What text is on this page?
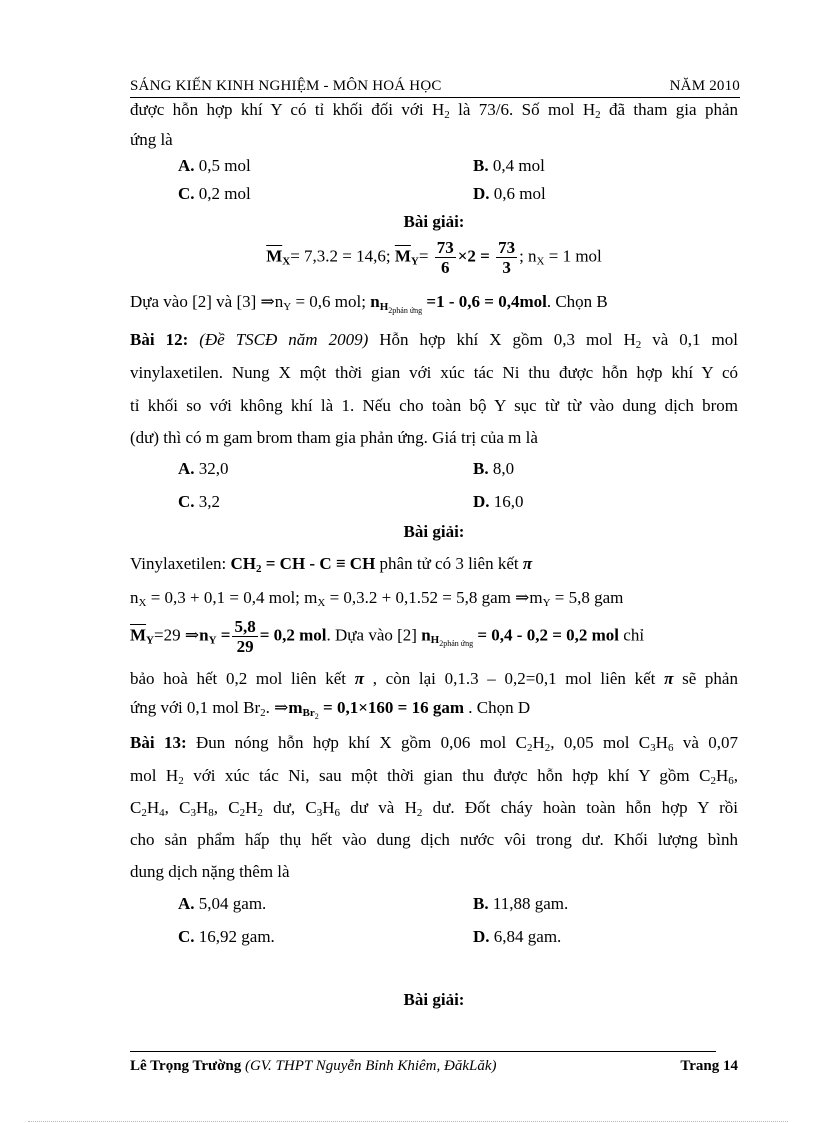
SÁNG KIẾN KINH NGHIỆM - MÔN HOÁ HỌC	NĂM 2010
được hỗn hợp khí Y có tỉ khối đối với $H_2$ là 73/6. Số mol $H_2$ đã tham gia phản
ứng là
A. 0,5 mol	B. 0,4 mol
C. 0,2 mol	D. 0,6 mol
Bài giải:
$\overline{M}_X= 7,3.2 = 14,6$; $\overline{M}_Y= \frac{73}{6} \times 2 = \frac{73}{3}$ ; $n_X = 1$ mol
Dựa vào [2] và [3] $\Rightarrow n_Y = 0,6$ mol; $n_{H_{2phản ứng}} =1 - 0,6 = 0,4mol$. Chọn B
Bài 12: (Đề TSCĐ năm 2009) Hỗn hợp khí X gồm 0,3 mol $H_2$ và 0,1 mol
vinylaxetilen. Nung X một thời gian với xúc tác Ni thu được hỗn hợp khí Y có
tỉ khối so với không khí là 1. Nếu cho toàn bộ Y sục từ từ vào dung dịch brom
(dư) thì có m gam brom tham gia phản ứng. Giá trị của m là
A. 32,0	B. 8,0
C. 3,2	D. 16,0
Bài giải:
Vinylaxetilen: $CH_2$ = CH - C ≡ CH phân tử có 3 liên kết π
$n_X = 0,3 + 0,1 = 0,4$ mol; $m_X = 0,3.2 + 0,1.52 = 5,8$ gam $\Rightarrow m_Y = 5,8$ gam
$\overline{M}_Y=29$ $\Rightarrow n_Y = \frac{5,8}{29} = 0,2$ mol. Dựa vào [2] $n_{H_{2phản ứng}} = 0,4 - 0,2 = 0,2$ mol chỉ
bảo hoà hết 0,2 mol liên kết π , còn lại 0,1.3 – 0,2=0,1 mol liên kết π sẽ phản
ứng với 0,1 mol $Br_2$. $\Rightarrow m_{Br_2} = 0,1\times 160 = 16$ gam . Chọn D
Bài 13: Đun nóng hỗn hợp khí X gồm 0,06 mol $C_2H_2$, 0,05 mol $C_3H_6$ và 0,07
mol $H_2$ với xúc tác Ni, sau một thời gian thu được hỗn hợp khí Y gồm $C_2H_6$,
$C_2H_4$, $C_3H_8$, $C_2H_2$ dư, $C_3H_6$ dư và $H_2$ dư. Đốt cháy hoàn toàn hỗn hợp Y rồi
cho sản phẩm hấp thụ hết vào dung dịch nước vôi trong dư. Khối lượng bình
dung dịch nặng thêm là
A. 5,04 gam.	B. 11,88 gam.
C. 16,92 gam.	D. 6,84 gam.
Bài giải:
Lê Trọng Trường (GV. THPT Nguyễn Bỉnh Khiêm, ĐăkLăk)	Trang 14
